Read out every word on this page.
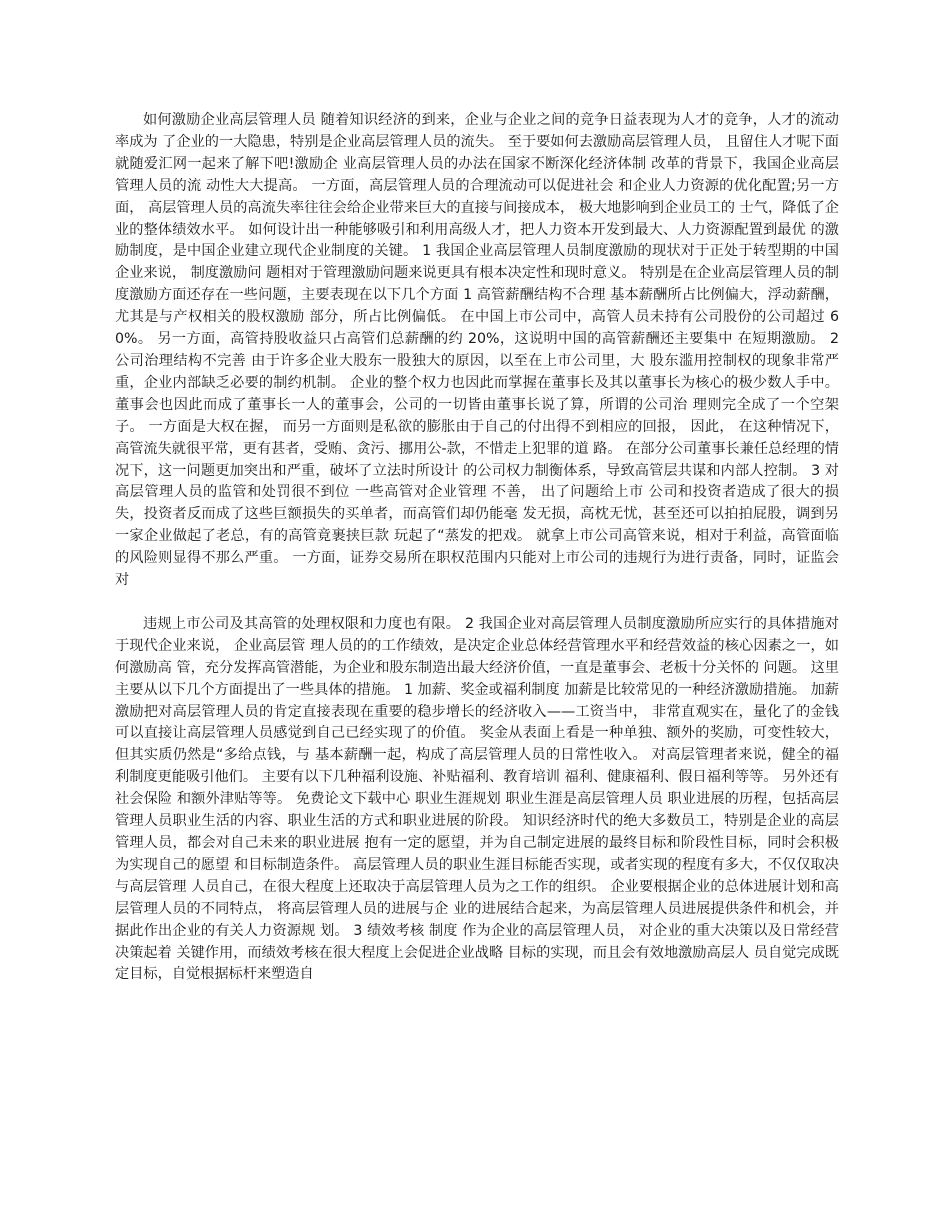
如何激励企业高层管理人员 随着知识经济的到来，企业与企业之间的竞争日益表现为人才的竞争，人才的流动率成为 了企业的一大隐患，特别是企业高层管理人员的流失。 至于要如何去激励高层管理人员， 且留住人才呢下面就随爱汇网一起来了解下吧!激励企 业高层管理人员的办法在国家不断深化经济体制 改革的背景下，我国企业高层管理人员的流 动性大大提高。 一方面，高层管理人员的合理流动可以促进社会 和企业人力资源的优化配置;另一方面， 高层管理人员的高流失率往往会给企业带来巨大的直接与间接成本， 极大地影响到企业员工的 士气，降低了企业的整体绩效水平。 如何设计出一种能够吸引和利用高级人才，把人力资本开发到最大、人力资源配置到最优 的激励制度，是中国企业建立现代企业制度的关键。 1 我国企业高层管理人员制度激励的现状对于正处于转型期的中国企业来说， 制度激励问 题相对于管理激励问题来说更具有根本决定性和现时意义。 特别是在企业高层管理人员的制度激励方面还存在一些问题，主要表现在以下几个方面 1 高管薪酬结构不合理 基本薪酬所占比例偏大，浮动薪酬，尤其是与产权相关的股权激励 部分，所占比例偏低。 在中国上市公司中，高管人员未持有公司股份的公司超过 60%。 另一方面，高管持股收益只占高管们总薪酬的约 20%，这说明中国的高管薪酬还主要集中 在短期激励。 2 公司治理结构不完善 由于许多企业大股东一股独大的原因，以至在上市公司里，大 股东滥用控制权的现象非常严重，企业内部缺乏必要的制约机制。 企业的整个权力也因此而掌握在董事长及其以董事长为核心的极少数人手中。 董事会也因此而成了董事长一人的董事会，公司的一切皆由董事长说了算，所谓的公司治 理则完全成了一个空架子。 一方面是大权在握， 而另一方面则是私欲的膨胀由于自己的付出得不到相应的回报， 因此， 在这种情况下，高管流失就很平常，更有甚者，受贿、贪污、挪用公-款，不惜走上犯罪的道 路。 在部分公司董事长兼任总经理的情况下，这一问题更加突出和严重，破坏了立法时所设计 的公司权力制衡体系，导致高管层共谋和内部人控制。 3 对高层管理人员的监管和处罚很不到位 一些高管对企业管理 不善， 出了问题给上市 公司和投资者造成了很大的损失，投资者反而成了这些巨额损失的买单者，而高管们却仍能毫 发无损，高枕无忧，甚至还可以拍拍屁股，调到另一家企业做起了老总，有的高管竟裹挟巨款 玩起了“蒸发的把戏。 就拿上市公司高管来说，相对于利益，高管面临的风险则显得不那么严重。 一方面，证券交易所在职权范围内只能对上市公司的违规行为进行责备，同时，证监会对

违规上市公司及其高管的处理权限和力度也有限。 2 我国企业对高层管理人员制度激励所应实行的具体措施对于现代企业来说， 企业高层管 理人员的的工作绩效，是决定企业总体经营管理水平和经营效益的核心因素之一，如何激励高 管，充分发挥高管潜能，为企业和股东制造出最大经济价值，一直是董事会、老板十分关怀的 问题。 这里主要从以下几个方面提出了一些具体的措施。 1 加薪、奖金或福利制度 加薪是比较常见的一种经济激励措施。 加薪激励把对高层管理人员的肯定直接表现在重要的稳步增长的经济收入——工资当中， 非常直观实在，量化了的金钱可以直接让高层管理人员感觉到自己已经实现了的价值。 奖金从表面上看是一种单独、额外的奖励，可变性较大，但其实质仍然是“多给点钱，与 基本薪酬一起，构成了高层管理人员的日常性收入。 对高层管理者来说，健全的福利制度更能吸引他们。 主要有以下几种福利设施、补贴福利、教育培训 福利、健康福利、假日福利等等。 另外还有社会保险 和额外津贴等等。 免费论文下载中心 职业生涯规划 职业生涯是高层管理人员 职业进展的历程，包括高层管理人员职业生活的内容、职业生活的方式和职业进展的阶段。 知识经济时代的绝大多数员工，特别是企业的高层管理人员，都会对自己未来的职业进展 抱有一定的愿望，并为自己制定进展的最终目标和阶段性目标，同时会积极为实现自己的愿望 和目标制造条件。 高层管理人员的职业生涯目标能否实现，或者实现的程度有多大，不仅仅取决与高层管理 人员自己，在很大程度上还取决于高层管理人员为之工作的组织。 企业要根据企业的总体进展计划和高层管理人员的不同特点， 将高层管理人员的进展与企 业的进展结合起来，为高层管理人员进展提供条件和机会，并据此作出企业的有关人力资源规 划。 3 绩效考核 制度 作为企业的高层管理人员， 对企业的重大决策以及日常经营决策起着 关键作用，而绩效考核在很大程度上会促进企业战略 目标的实现，而且会有效地激励高层人 员自觉完成既定目标，自觉根据标杆来塑造自
